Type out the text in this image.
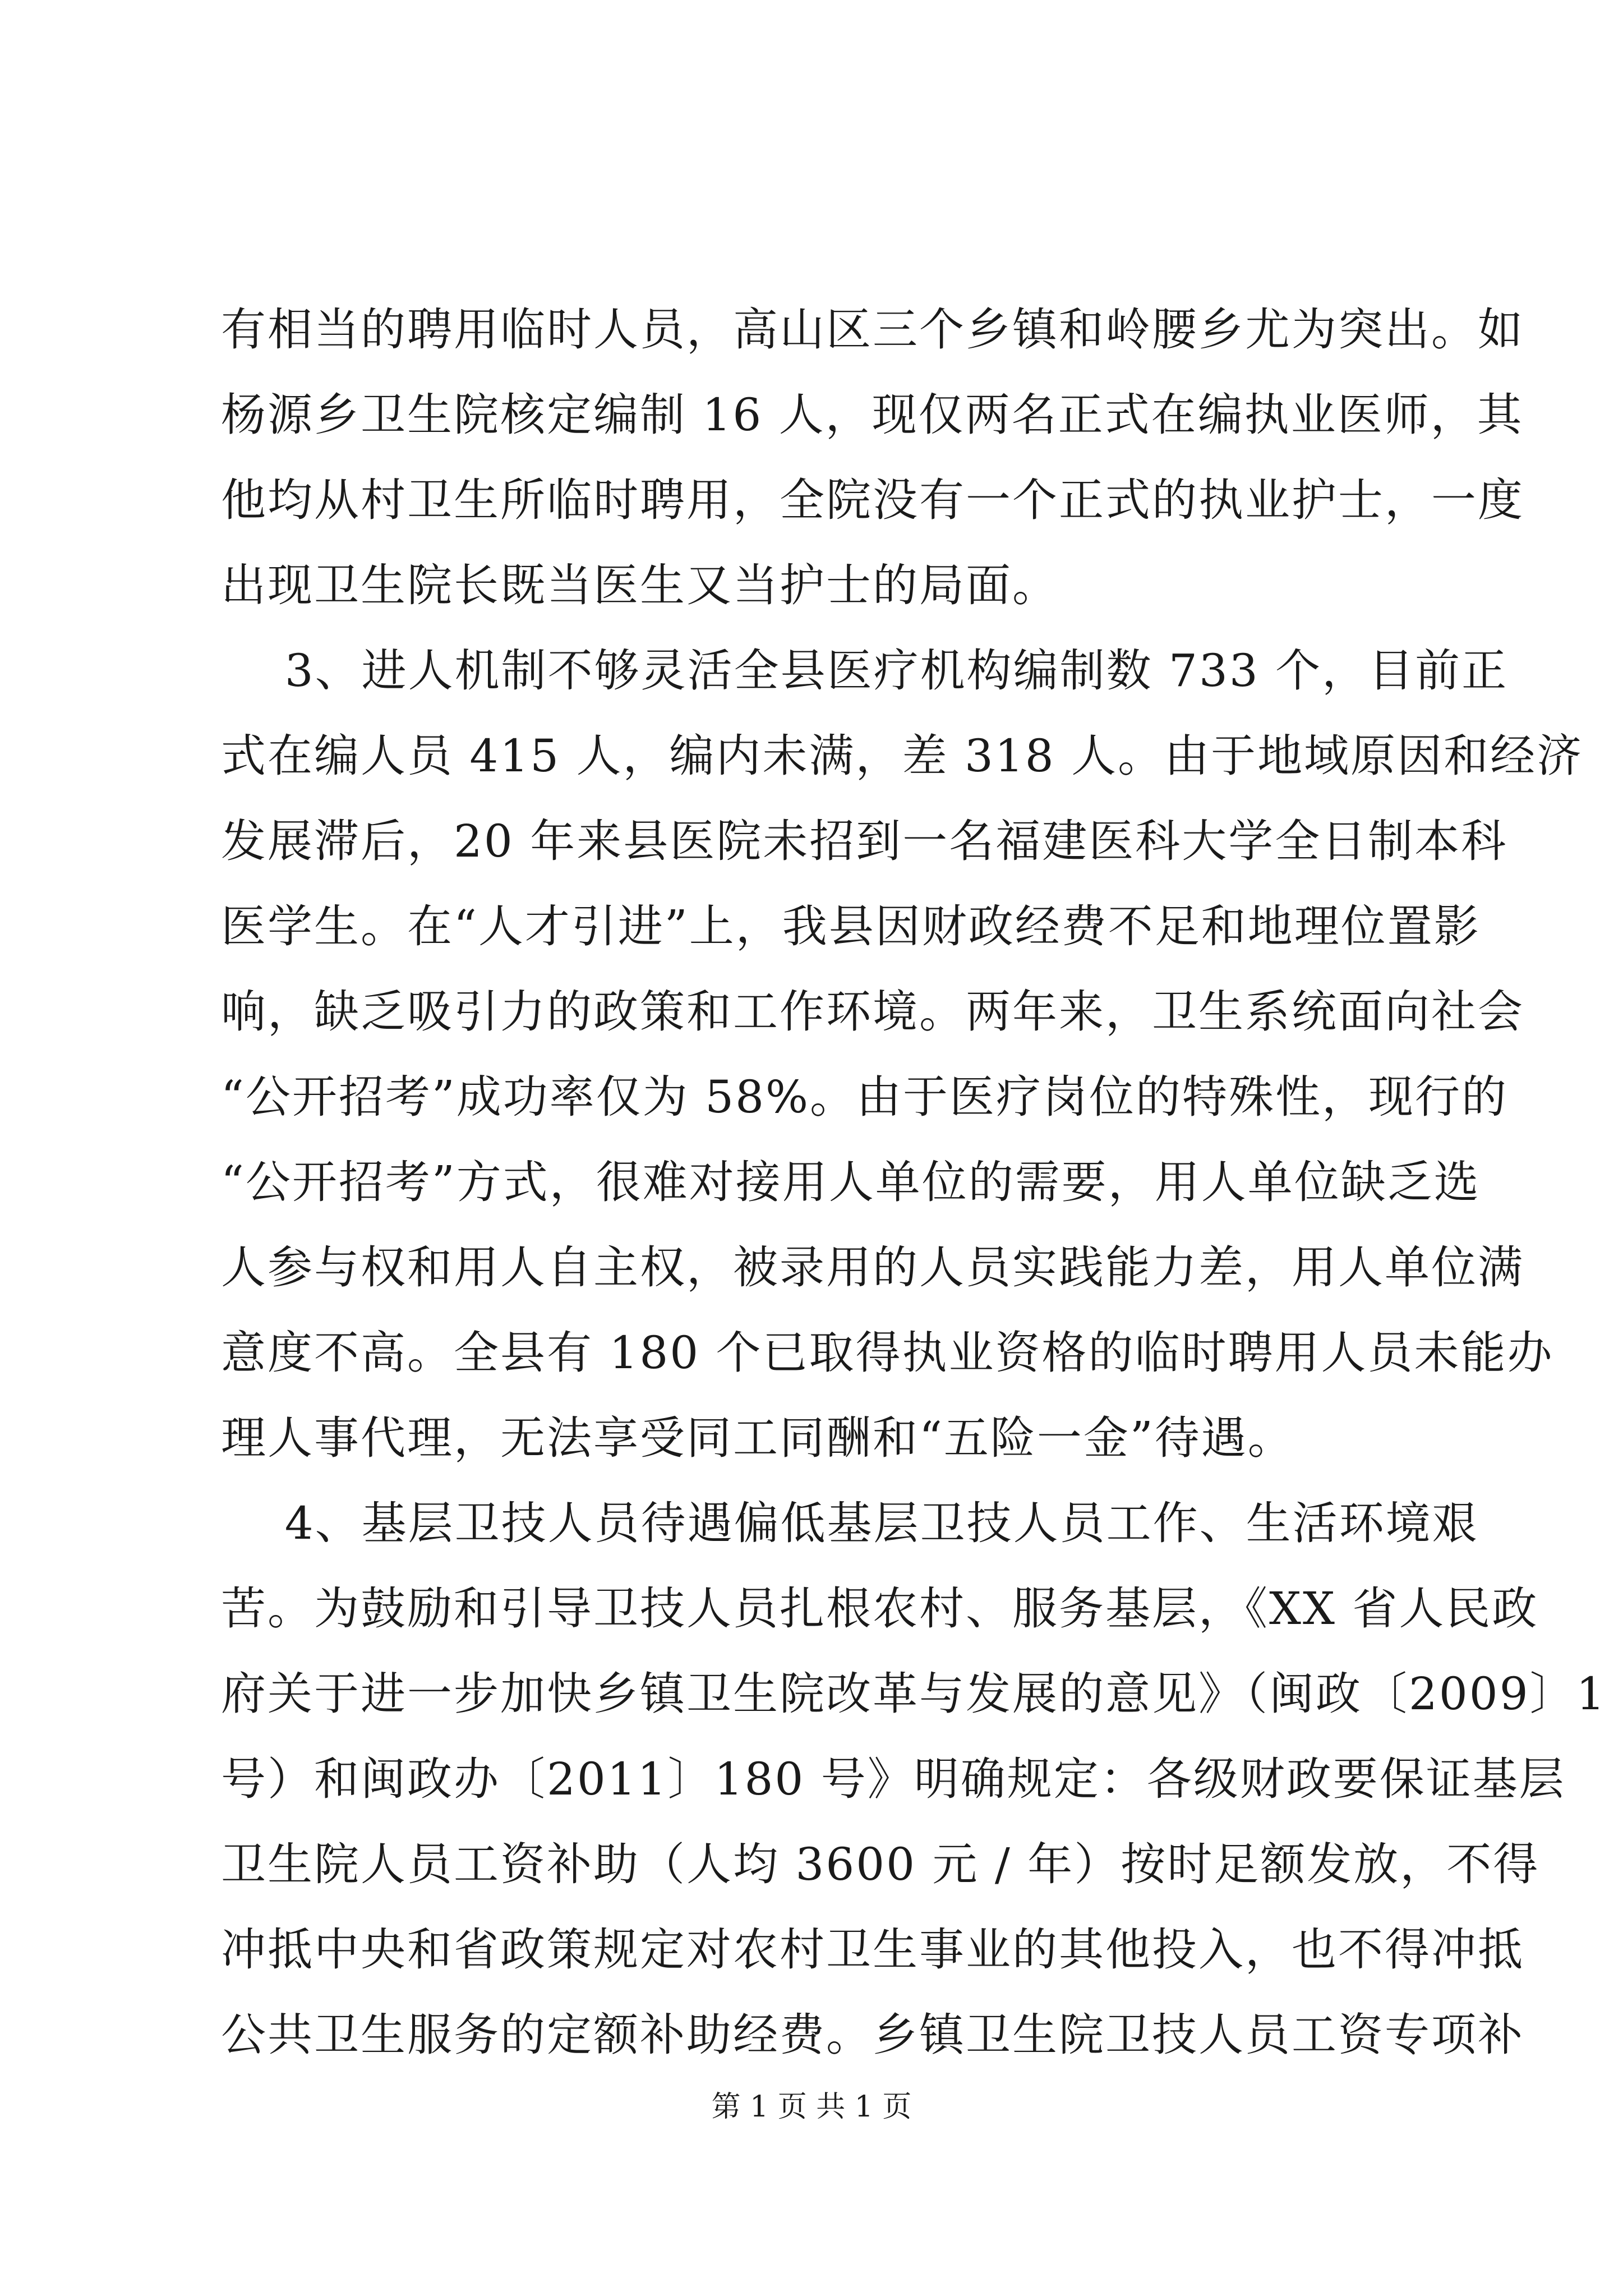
有相当的聘用临时人员，高山区三个乡镇和岭腰乡尤为突出。如
杨源乡卫生院核定编制 16 人，现仅两名正式在编执业医师，其
他均从村卫生所临时聘用，全院没有一个正式的执业护士，一度
出现卫生院长既当医生又当护士的局面。
3、进人机制不够灵活全县医疗机构编制数 733 个，目前正
式在编人员 415 人，编内未满，差 318 人。由于地域原因和经济
发展滞后，20 年来县医院未招到一名福建医科大学全日制本科
医学生。在“人才引进”上，我县因财政经费不足和地理位置影
响，缺乏吸引力的政策和工作环境。两年来，卫生系统面向社会
“公开招考”成功率仅为 58%。由于医疗岗位的特殊性，现行的
“公开招考”方式，很难对接用人单位的需要，用人单位缺乏选
人参与权和用人自主权，被录用的人员实践能力差，用人单位满
意度不高。全县有 180 个已取得执业资格的临时聘用人员未能办
理人事代理，无法享受同工同酬和“五险一金”待遇。
4、基层卫技人员待遇偏低基层卫技人员工作、生活环境艰
苦。为鼓励和引导卫技人员扎根农村、服务基层，《XX 省人民政
府关于进一步加快乡镇卫生院改革与发展的意见》（闽政〔2009〕1
号）和闽政办〔2011〕180 号》明确规定：各级财政要保证基层
卫生院人员工资补助（人均 3600 元 / 年）按时足额发放，不得
冲抵中央和省政策规定对农村卫生事业的其他投入，也不得冲抵
公共卫生服务的定额补助经费。乡镇卫生院卫技人员工资专项补
第 1 页 共 1 页
